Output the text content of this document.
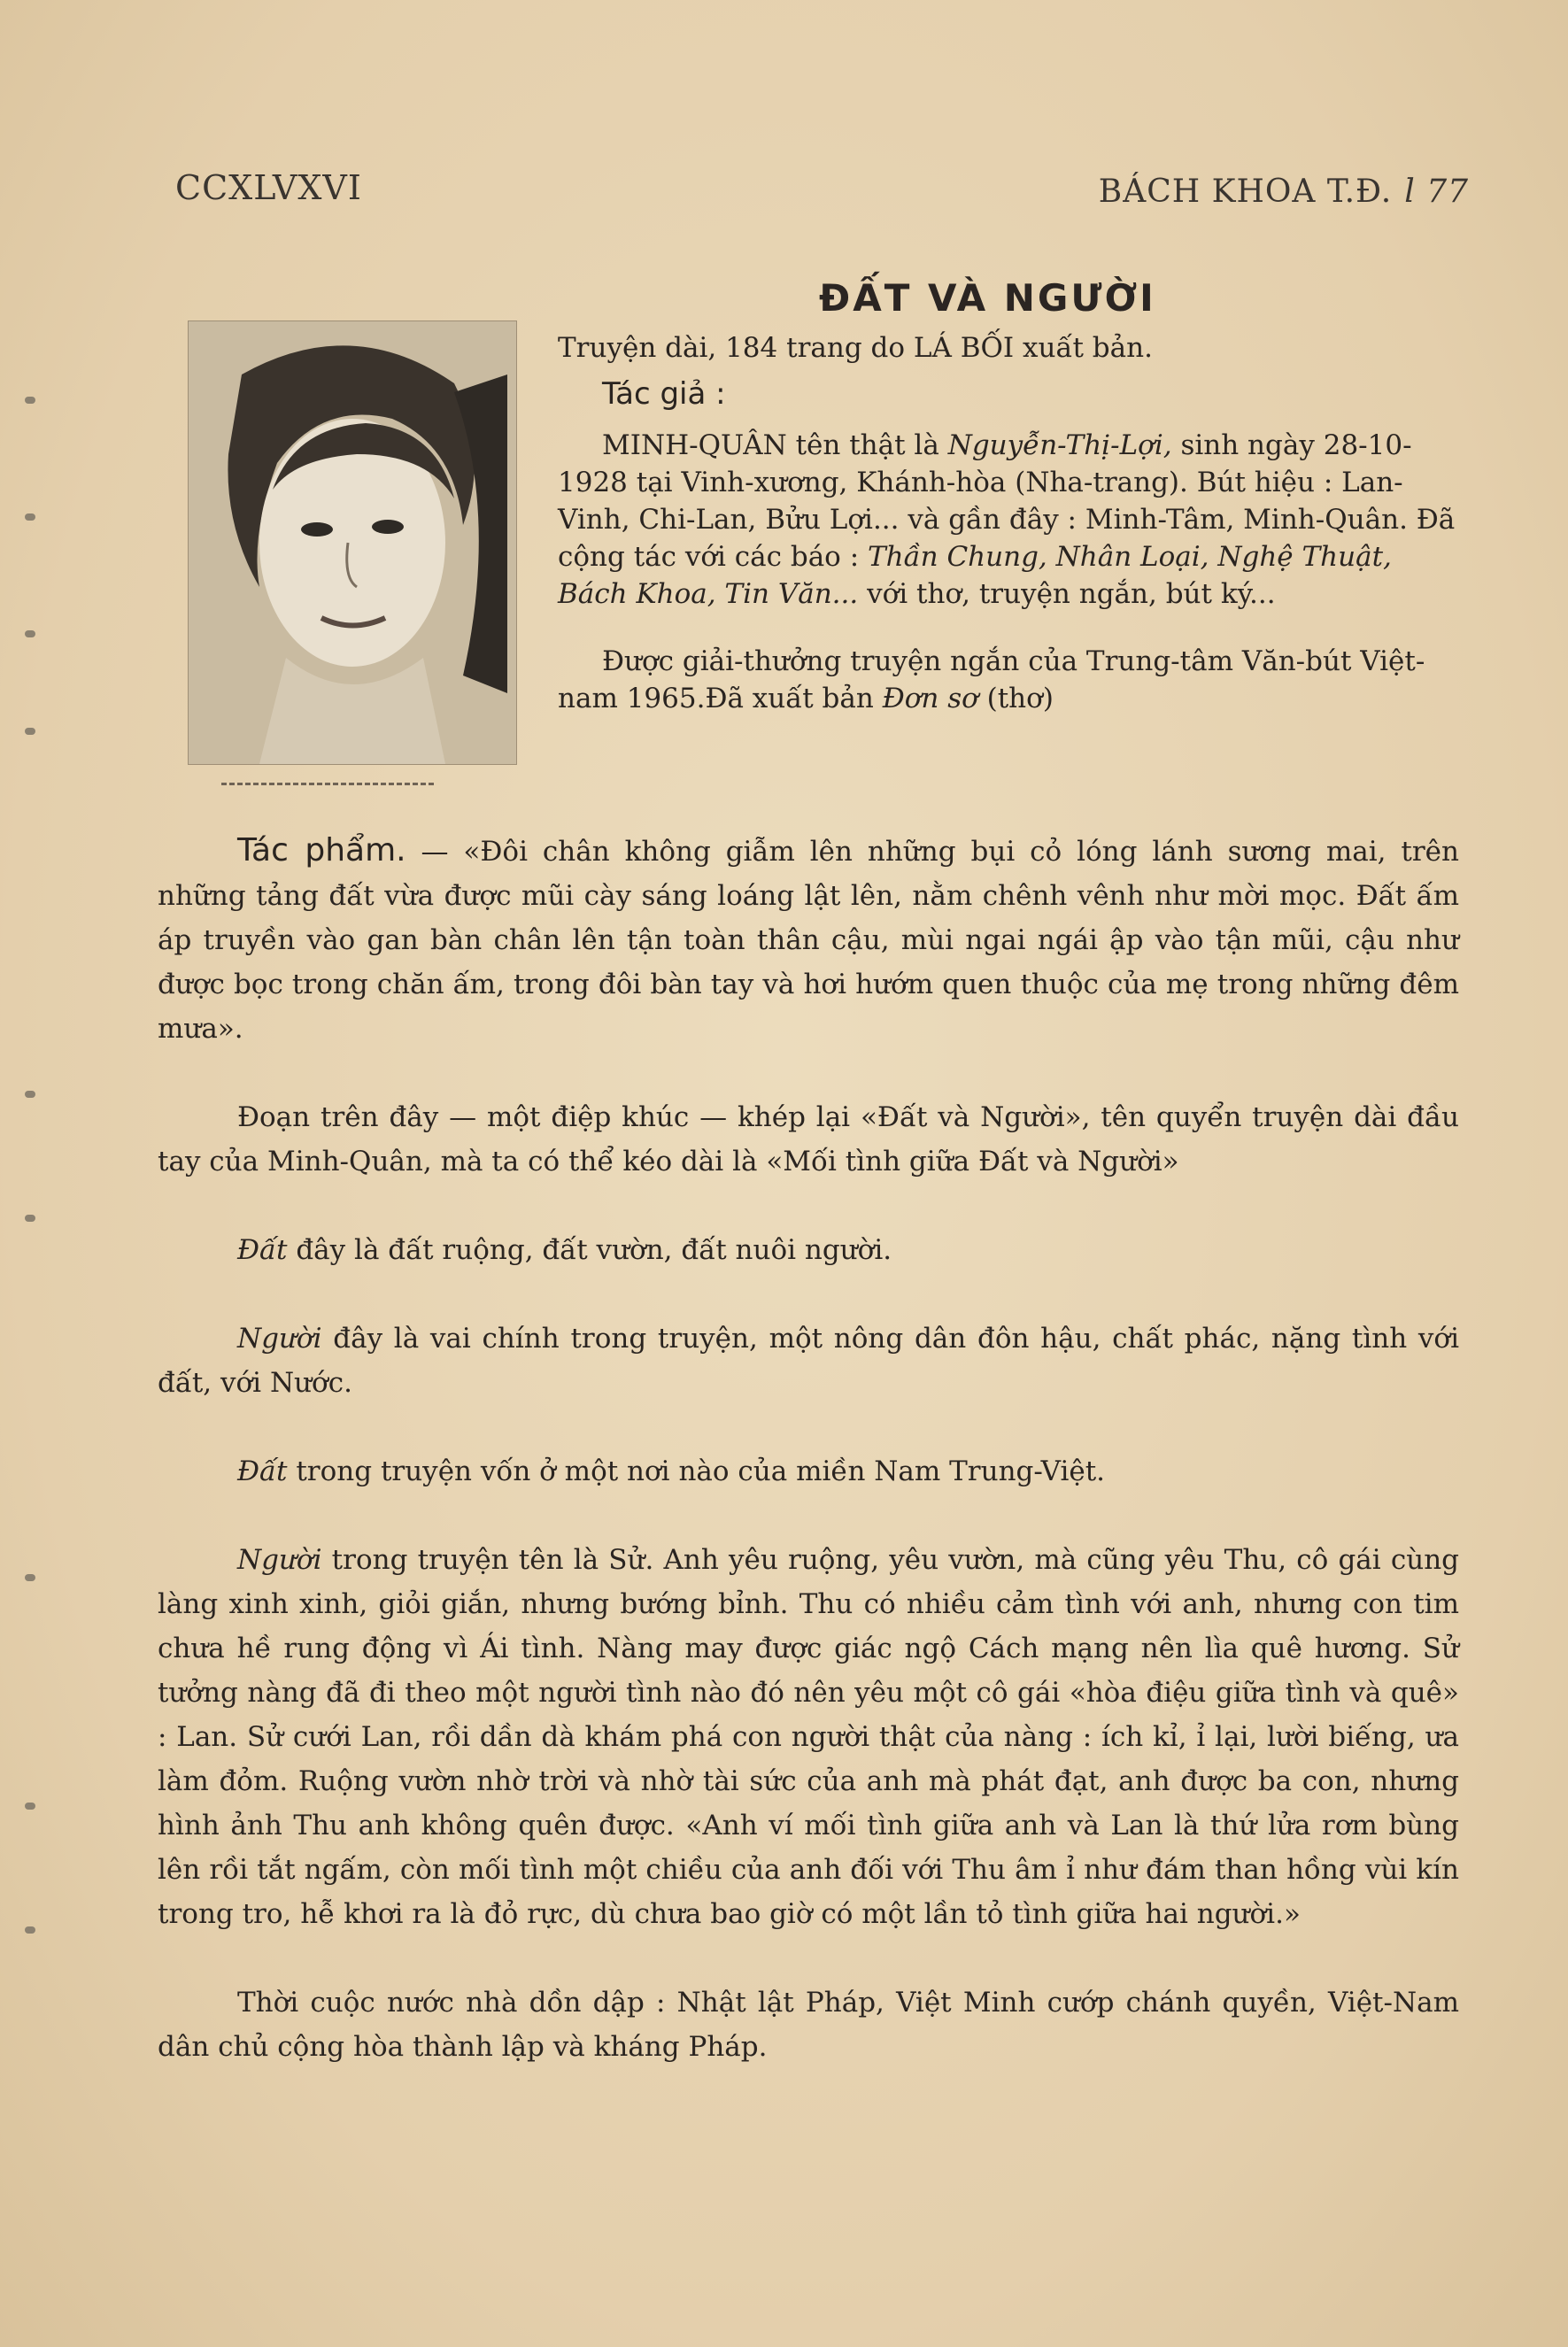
CCXLVXVI	BÁCH KHOA T.Đ. l 77
ĐẤT VÀ NGƯỜI

Truyện dài, 184 trang do LÁ BỐI xuất bản.

Tác giả :

MINH-QUÂN tên thật là Nguyễn-Thị-Lợi, sinh ngày 28-10-1928 tại Vinh-xương, Khánh-hòa (Nha-trang). Bút hiệu : Lan-Vinh, Chi-Lan, Bửu Lợi... và gần đây : Minh-Tâm, Minh-Quân. Đã cộng tác với các báo : Thần Chung, Nhân Loại, Nghệ Thuật, Bách Khoa, Tin Văn... với thơ, truyện ngắn, bút ký...

Được giải-thưởng truyện ngắn của Trung-tâm Văn-bút Việt-nam 1965.Đã xuất bản Đơn sơ (thơ)

Tác phẩm. — «Đôi chân không giẫm lên những bụi cỏ lóng lánh sương mai, trên những tảng đất vừa được mũi cày sáng loáng lật lên, nằm chênh vênh như mời mọc. Đất ấm áp truyền vào gan bàn chân lên tận toàn thân cậu, mùi ngai ngái ập vào tận mũi, cậu như được bọc trong chăn ấm, trong đôi bàn tay và hơi hướm quen thuộc của mẹ trong những đêm mưa».

Đoạn trên đây — một điệp khúc — khép lại «Đất và Người», tên quyển truyện dài đầu tay của Minh-Quân, mà ta có thể kéo dài là «Mối tình giữa Đất và Người»

Đất đây là đất ruộng, đất vườn, đất nuôi người.

Người đây là vai chính trong truyện, một nông dân đôn hậu, chất phác, nặng tình với đất, với Nước.

Đất trong truyện vốn ở một nơi nào của miền Nam Trung-Việt.

Người trong truyện tên là Sử. Anh yêu ruộng, yêu vườn, mà cũng yêu Thu, cô gái cùng làng xinh xinh, giỏi giắn, nhưng bướng bỉnh. Thu có nhiều cảm tình với anh, nhưng con tim chưa hề rung động vì Ái tình. Nàng may được giác ngộ Cách mạng nên lìa quê hương. Sử tưởng nàng đã đi theo một người tình nào đó nên yêu một cô gái «hòa điệu giữa tình và quê» : Lan. Sử cưới Lan, rồi dần dà khám phá con người thật của nàng : ích kỉ, ỉ lại, lười biếng, ưa làm đỏm. Ruộng vườn nhờ trời và nhờ tài sức của anh mà phát đạt, anh được ba con, nhưng hình ảnh Thu anh không quên được. «Anh ví mối tình giữa anh và Lan là thứ lửa rơm bùng lên rồi tắt ngấm, còn mối tình một chiều của anh đối với Thu âm ỉ như đám than hồng vùi kín trong tro, hễ khơi ra là đỏ rực, dù chưa bao giờ có một lần tỏ tình giữa hai người.»

Thời cuộc nước nhà dồn dập : Nhật lật Pháp, Việt Minh cướp chánh quyền, Việt-Nam dân chủ cộng hòa thành lập và kháng Pháp.
